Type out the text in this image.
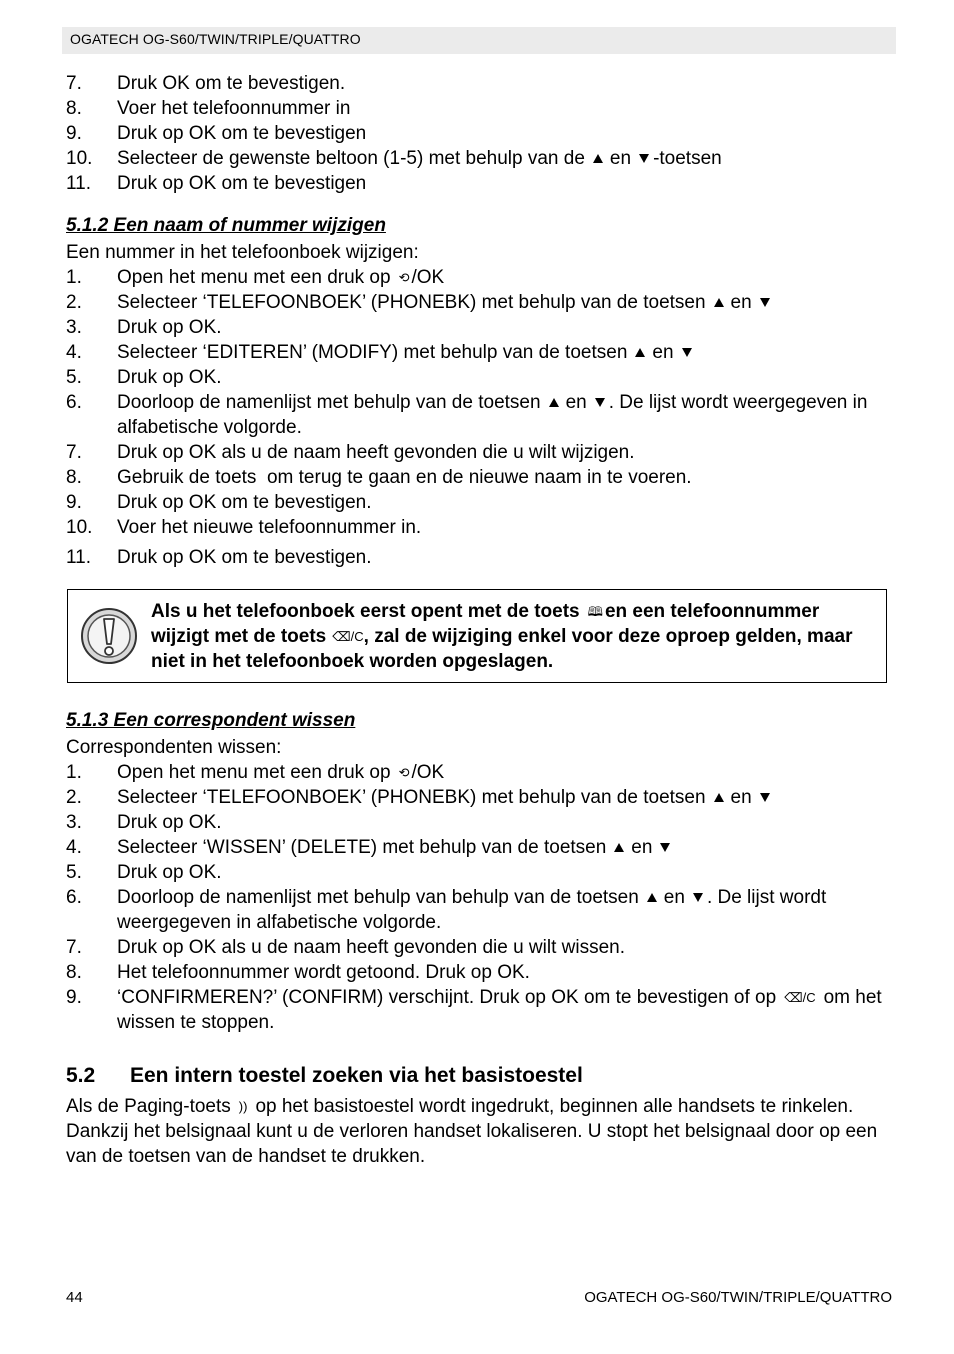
OGATECH OG-S60/TWIN/TRIPLE/QUATTRO
7. Druk OK om te bevestigen.
8. Voer het telefoonnummer in
9. Druk op OK om te bevestigen
10. Selecteer de gewenste beltoon (1-5) met behulp van de en -toetsen
11. Druk op OK om te bevestigen
5.1.2 Een naam of nummer wijzigen
Een nummer in het telefoonboek wijzigen:
1. Open het menu met een druk op ⟲ /OK
2. Selecteer ‘TELEFOONBOEK’ (PHONEBK) met behulp van de toetsen en
3. Druk op OK.
4. Selecteer ‘EDITEREN’ (MODIFY) met behulp van de toetsen en
5. Druk op OK.
6. Doorloop de namenlijst met behulp van de toetsen en . De lijst wordt weergegeven in alfabetische volgorde.
7. Druk op OK als u de naam heeft gevonden die u wilt wijzigen.
8. Gebruik de toets  om terug te gaan en de nieuwe naam in te voeren.
9. Druk op OK om te bevestigen.
10. Voer het nieuwe telefoonnummer in.
11. Druk op OK om te bevestigen.
Als u het telefoonboek eerst opent met de toets 🕮 en een telefoonnummer wijzigt met de toets ⌫/C, zal de wijziging enkel voor deze oproep gelden, maar niet in het telefoonboek worden opgeslagen.
5.1.3 Een correspondent wissen
Correspondenten wissen:
1. Open het menu met een druk op ⟲ /OK
2. Selecteer ‘TELEFOONBOEK’ (PHONEBK) met behulp van de toetsen en
3. Druk op OK.
4. Selecteer ‘WISSEN’ (DELETE) met behulp van de toetsen en
5. Druk op OK.
6. Doorloop de namenlijst met behulp van behulp van de toetsen en . De lijst wordt weergegeven in alfabetische volgorde.
7. Druk op OK als u de naam heeft gevonden die u wilt wissen.
8. Het telefoonnummer wordt getoond. Druk op OK.
9. ‘CONFIRMEREN?’ (CONFIRM) verschijnt. Druk op OK om te bevestigen of op ⌫/C om het wissen te stoppen.
5.2 Een intern toestel zoeken via het basistoestel
Als de Paging-toets )) op het basistoestel wordt ingedrukt, beginnen alle handsets te rinkelen. Dankzij het belsignaal kunt u de verloren handset lokaliseren. U stopt het belsignaal door op een van de toetsen van de handset te drukken.
44	OGATECH OG-S60/TWIN/TRIPLE/QUATTRO
